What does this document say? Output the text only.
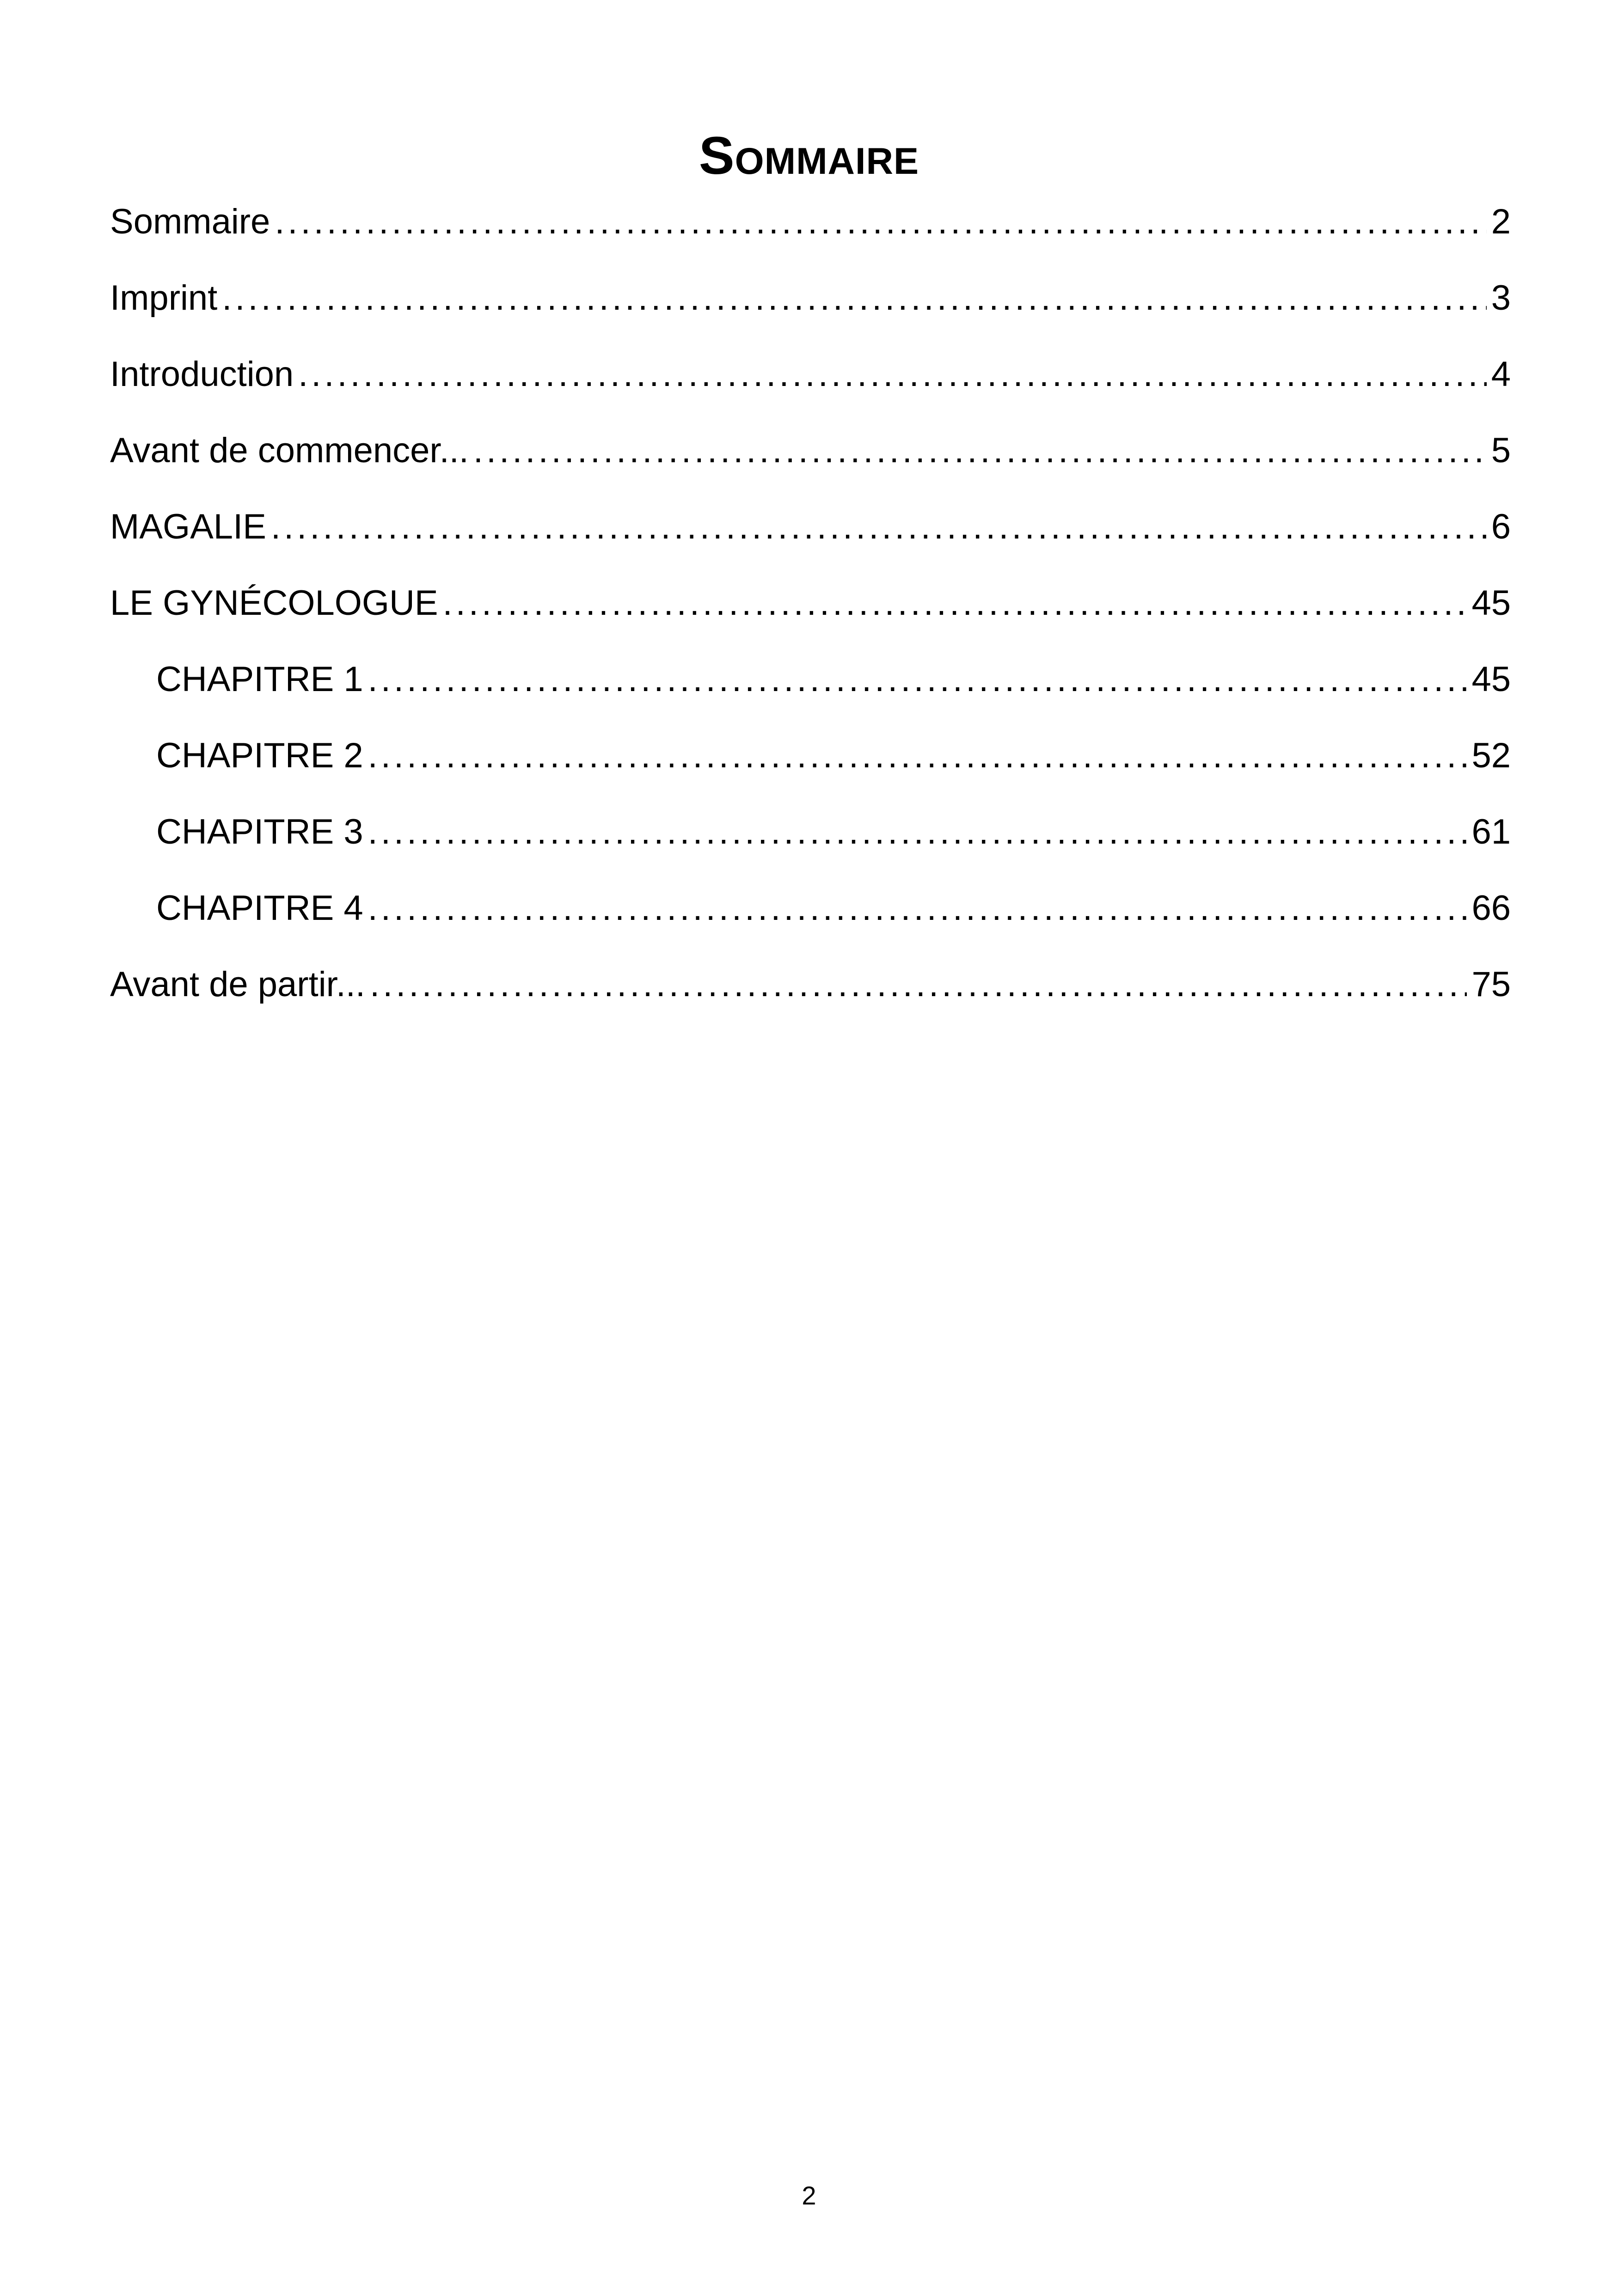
Sommaire
Sommaire .....	2
Imprint .....	3
Introduction .....	4
Avant de commencer... .....	5
MAGALIE .....	6
LE GYNÉCOLOGUE .....	45
CHAPITRE 1 .....	45
CHAPITRE 2 .....	52
CHAPITRE 3 .....	61
CHAPITRE 4 .....	66
Avant de partir... .....	75
2
